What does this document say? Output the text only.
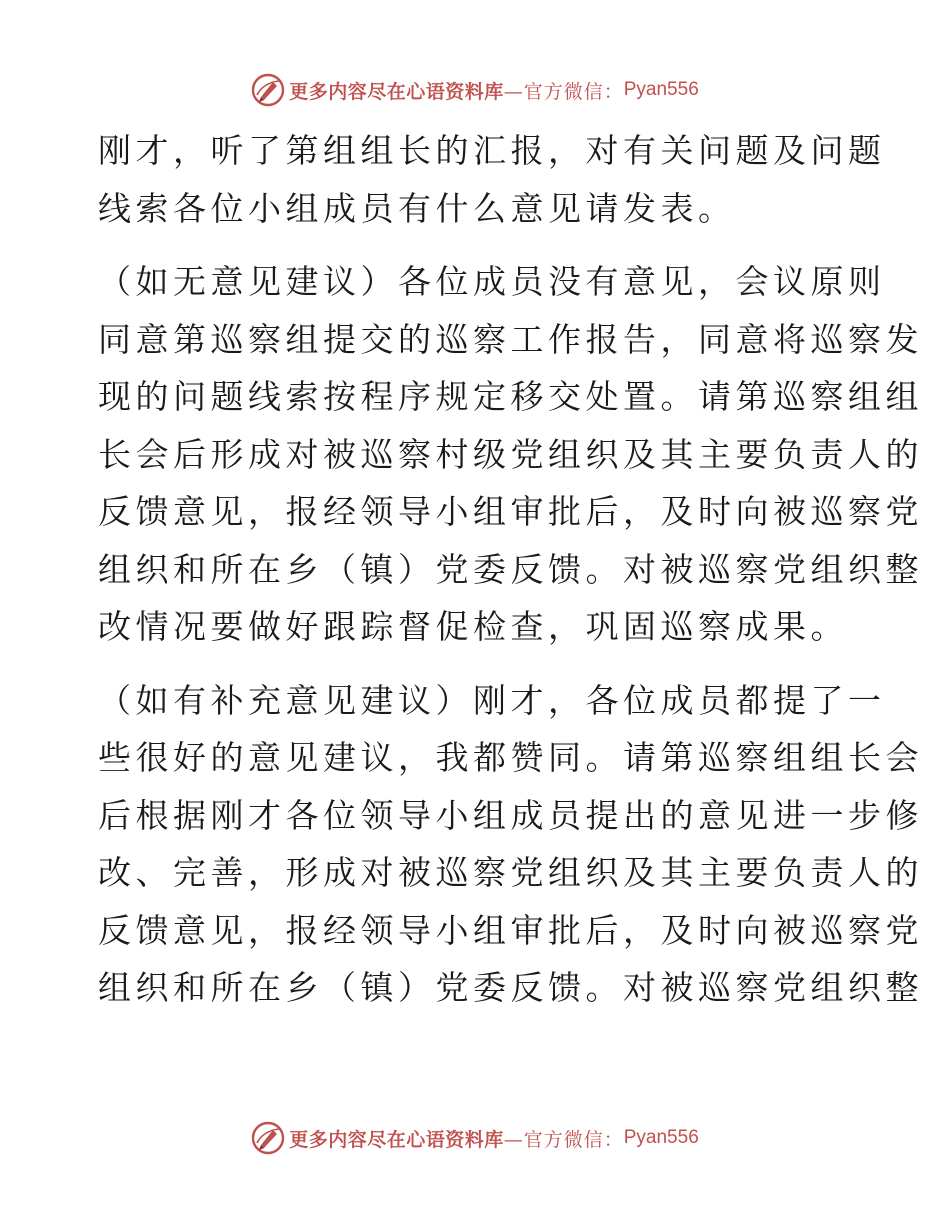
更多内容尽在心语资料库 —官方微信： Pyan556

刚才，听了第组组长的汇报，对有关问题及问题
线索各位小组成员有什么意见请发表。

（如无意见建议）各位成员没有意见，会议原则
同意第巡察组提交的巡察工作报告，同意将巡察发
现的问题线索按程序规定移交处置。请第巡察组组
长会后形成对被巡察村级党组织及其主要负责人的
反馈意见，报经领导小组审批后，及时向被巡察党
组织和所在乡（镇）党委反馈。对被巡察党组织整
改情况要做好跟踪督促检查，巩固巡察成果。

（如有补充意见建议）刚才，各位成员都提了一
些很好的意见建议，我都赞同。请第巡察组组长会
后根据刚才各位领导小组成员提出的意见进一步修
改、完善，形成对被巡察党组织及其主要负责人的
反馈意见，报经领导小组审批后，及时向被巡察党
组织和所在乡（镇）党委反馈。对被巡察党组织整

更多内容尽在心语资料库 —官方微信： Pyan556
